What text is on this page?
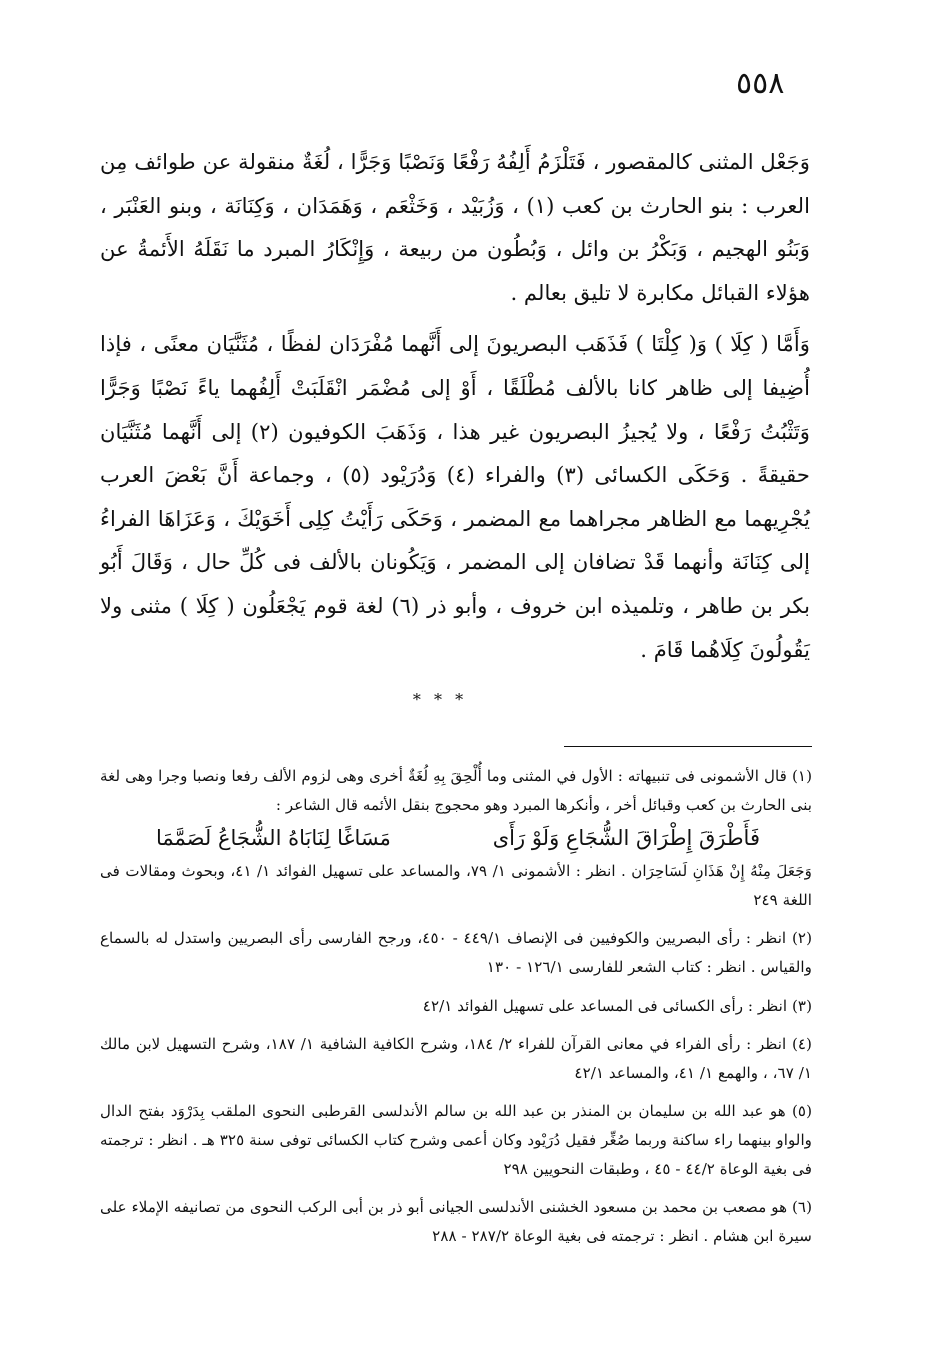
٥٥٨

وَجَعْل المثنى كالمقصور ، فَتَلْزَمُ أَلِفُهُ رَفْعًا وَنَصْبًا وَجَرًّا ، لُغَةٌ منقولة عن طوائف مِن العرب : بنو الحارث بن كعب (١) ، وَزُبَيْد ، وَخَثْعَم ، وَهَمَدَان ، وَكِنَانَة ، وبنو العَنْبَر ، وَبَنُو الهجيم ، وَبَكْرُ بن وائل ، وَبُطُون من ربيعة ، وَإِنْكَارُ المبرد ما نَقَلَهُ الأَئمةُ عن هؤلاء القبائل مكابرة لا تليق بعالم .

وَأَمَّا ( كِلَا ) وَ( كِلْتَا ) فَذَهَب البصريونَ إلى أَنَّهما مُفْرَدَان لفظًا ، مُثَنَّيَان معنًى ، فإذا أُضِيفا إلى ظاهر كانا بالألف مُطْلَقًا ، أَوْ إلى مُضْمَر انْقَلَبَتْ أَلِفُهما ياءً نَصْبًا وَجَرًّا وَتَثْبُتُ رَفْعًا ، ولا يُجيزُ البصريون غير هذا ، وَذَهَبَ الكوفيون (٢) إلى أَنَّهما مُثَنَّيَان حقيقةً . وَحَكَى الكسائى (٣) والفراء (٤) وَدُرَيْود (٥) ، وجماعة أَنَّ بَعْضَ العرب يُجْرِيهما مع الظاهر مجراهما مع المضمر ، وَحَكَى رَأَيْتُ كِلِى أَخَوَيْكَ ، وَعَزَاهَا الفراءُ إلى كِنَانَة وأنهما قَدْ تضافان إلى المضمر ، وَيَكُونان بالألف فى كُلِّ حال ، وَقَالَ أَبُو بكر بن طاهر ، وتلميذه ابن خروف ، وأبو ذر (٦) لغة قوم يَجْعَلُون ( كِلَا ) مثنى ولا يَقُولُونَ كِلَاهُما قَامَ .

* * *

(١) قال الأشمونى فى تنبيهاته : الأول في المثنى وما أُلْحِقَ بِهِ لُغَةٌ أخرى وهى لزوم الألف رفعا ونصبا وجرا وهى لغة بنى الحارث بن كعب وقبائل أخر ، وأنكرها المبرد وهو محجوج بنقل الأئمه قال الشاعر :

فَأَطْرَقَ إِطْرَاقَ الشُّجَاعِ وَلَوْ رَأَى
مَسَاغًا لِنَابَاهُ الشُّجَاعُ لَصَمَّمَا

وَجَعَلَ مِنْهُ إِنْ هَذَانِ لَسَاحِرَان . انظر : الأشمونى ١/ ٧٩، والمساعد على تسهيل الفوائد ١/ ٤١، وبحوث ومقالات فى اللغة ٢٤٩

(٢) انظر : رأى البصريين والكوفيين فى الإنصاف ٤٤٩/١ - ٤٥٠، ورجح الفارسى رأى البصريين واستدل له بالسماع والقياس . انظر : كتاب الشعر للفارسى ١٢٦/١ - ١٣٠

(٣) انظر : رأى الكسائى فى المساعد على تسهيل الفوائد ٤٢/١

(٤) انظر : رأى الفراء في معانى القرآن للفراء ٢/ ١٨٤، وشرح الكافية الشافية ١/ ١٨٧، وشرح التسهيل لابن مالك ١/ ٦٧، ، والهمع ١/ ٤١، والمساعد ٤٢/١

(٥) هو عبد الله بن سليمان بن المنذر بن عبد الله بن سالم الأندلسى القرطبى النحوى الملقب بِدَرْوَد بفتح الدال والواو بينهما راء ساكنة وربما صُغِّر فقيل دُرَيْود وكان أعمى وشرح كتاب الكسائى توفى سنة ٣٢٥ هـ . انظر : ترجمته فى بغية الوعاة ٤٤/٢ - ٤٥ ، وطبقات النحويين ٢٩٨

(٦) هو مصعب بن محمد بن مسعود الخشنى الأندلسى الجيانى أبو ذر بن أبى الركب النحوى من تصانيفه الإملاء على سيرة ابن هشام . انظر : ترجمته فى بغية الوعاة ٢٨٧/٢ - ٢٨٨
